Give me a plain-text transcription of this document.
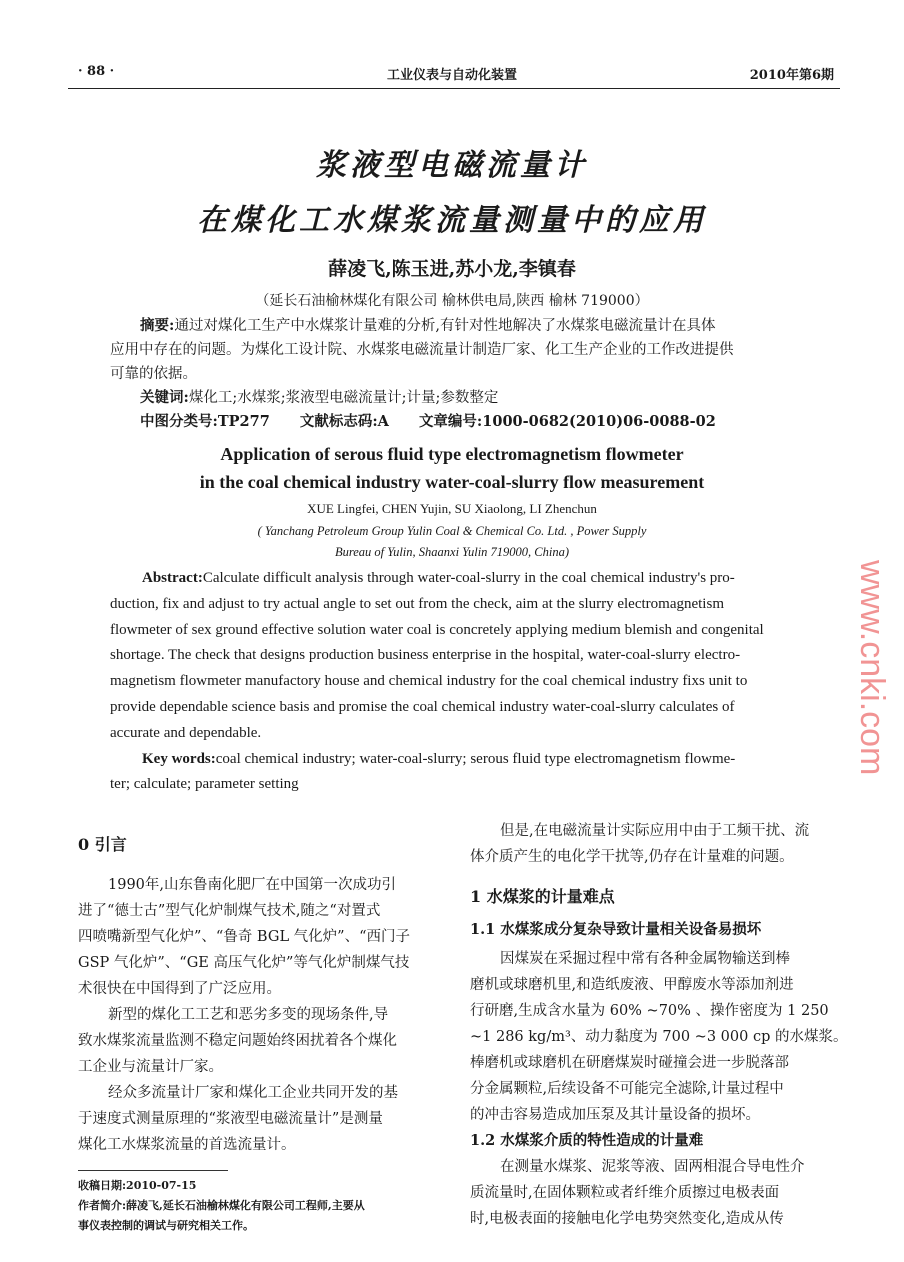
· 88 ·	工业仪表与自动化装置	2010年第6期
浆液型电磁流量计
在煤化工水煤浆流量测量中的应用
薛凌飞,陈玉进,苏小龙,李镇春
（延长石油榆林煤化有限公司 榆林供电局,陕西 榆林 719000）

摘要:通过对煤化工生产中水煤浆计量难的分析,有针对性地解决了水煤浆电磁流量计在具体

应用中存在的问题。为煤化工设计院、水煤浆电磁流量计制造厂家、化工生产企业的工作改进提供

可靠的依据。

关键词:煤化工;水煤浆;浆液型电磁流量计;计量;参数整定

中图分类号:TP277 文献标志码:A 文章编号:1000-0682(2010)06-0088-02

Application of serous fluid type electromagnetism flowmeter
in the coal chemical industry water-coal-slurry flow measurement
XUE Lingfei, CHEN Yujin, SU Xiaolong, LI Zhenchun
( Yanchang Petroleum Group Yulin Coal & Chemical Co. Ltd. , Power Supply
Bureau of Yulin, Shaanxi Yulin 719000, China)

Abstract:Calculate difficult analysis through water-coal-slurry in the coal chemical industry's pro-

duction, fix and adjust to try actual angle to set out from the check, aim at the slurry electromagnetism

flowmeter of sex ground effective solution water coal is concretely applying medium blemish and congenital

shortage. The check that designs production business enterprise in the hospital, water-coal-slurry electro-

magnetism flowmeter manufactory house and chemical industry for the coal chemical industry fixs unit to

provide dependable science basis and promise the coal chemical industry water-coal-slurry calculates of

accurate and dependable.

Key words:coal chemical industry; water-coal-slurry; serous fluid type electromagnetism flowme-

ter; calculate; parameter setting

www.cnki.com

0 引言

1990年,山东鲁南化肥厂在中国第一次成功引

进了“德士古”型气化炉制煤气技术,随之“对置式

四喷嘴新型气化炉”、“鲁奇 BGL 气化炉”、“西门子

GSP 气化炉”、“GE 高压气化炉”等气化炉制煤气技

术很快在中国得到了广泛应用。

新型的煤化工工艺和恶劣多变的现场条件,导

致水煤浆流量监测不稳定问题始终困扰着各个煤化

工企业与流量计厂家。

经众多流量计厂家和煤化工企业共同开发的基

于速度式测量原理的“浆液型电磁流量计”是测量

煤化工水煤浆流量的首选流量计。

收稿日期:2010-07-15

作者简介:薛凌飞,延长石油榆林煤化有限公司工程师,主要从

事仪表控制的调试与研究相关工作。

但是,在电磁流量计实际应用中由于工频干扰、流

体介质产生的电化学干扰等,仍存在计量难的问题。

1 水煤浆的计量难点

1.1 水煤浆成分复杂导致计量相关设备易损坏

因煤炭在采掘过程中常有各种金属物输送到棒

磨机或球磨机里,和造纸废液、甲醇废水等添加剂进

行研磨,生成含水量为 60% ~70% 、操作密度为 1 250

~1 286 kg/m³、动力黏度为 700 ~3 000 cp 的水煤浆。

棒磨机或球磨机在研磨煤炭时碰撞会进一步脱落部

分金属颗粒,后续设备不可能完全滤除,计量过程中

的冲击容易造成加压泵及其计量设备的损坏。

1.2 水煤浆介质的特性造成的计量难

在测量水煤浆、泥浆等液、固两相混合导电性介

质流量时,在固体颗粒或者纤维介质擦过电极表面

时,电极表面的接触电化学电势突然变化,造成从传
